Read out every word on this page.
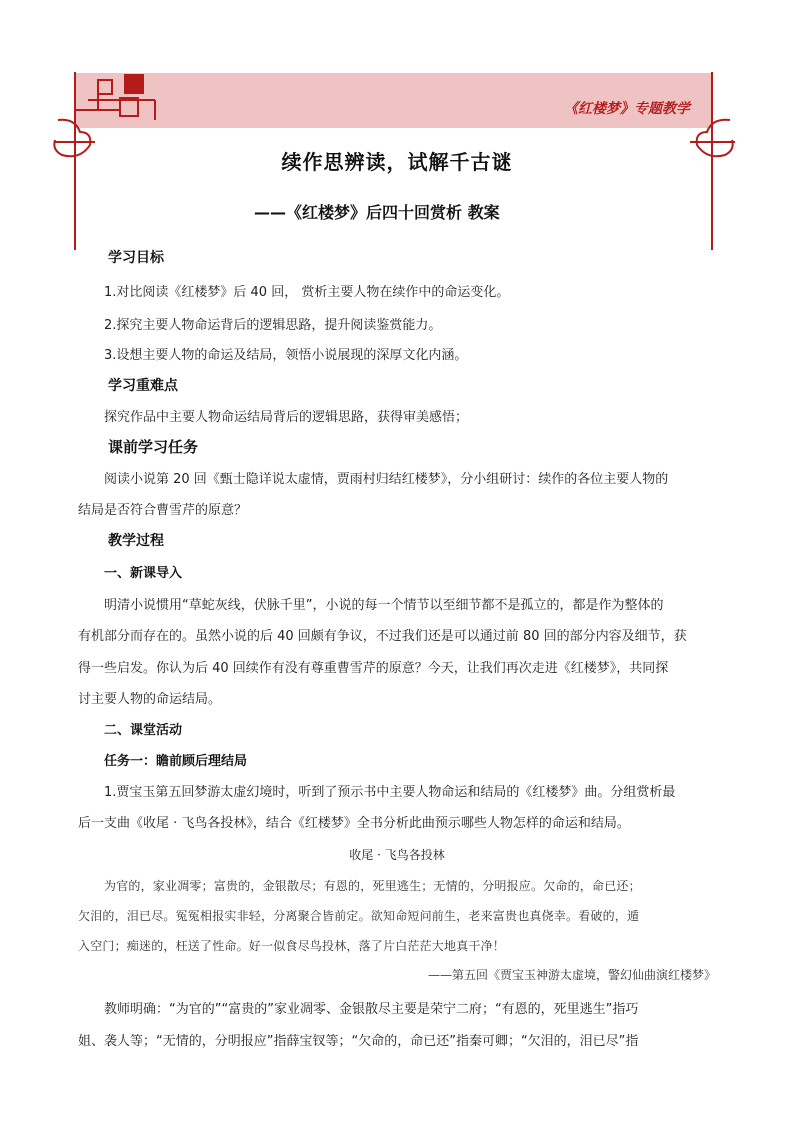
《红楼梦》专题教学
续作思辨读，试解千古谜
——《红楼梦》后四十回赏析 教案
学习目标
1.对比阅读《红楼梦》后 40 回， 赏析主要人物在续作中的命运变化。
2.探究主要人物命运背后的逻辑思路，提升阅读鉴赏能力。
3.设想主要人物的命运及结局，领悟小说展现的深厚文化内涵。
学习重难点
探究作品中主要人物命运结局背后的逻辑思路，获得审美感悟；
课前学习任务
阅读小说第 20 回《甄士隐详说太虚情，贾雨村归结红楼梦》，分小组研讨：续作的各位主要人物的
结局是否符合曹雪芹的原意？
教学过程
一、新课导入
明清小说惯用“草蛇灰线，伏脉千里”，小说的每一个情节以至细节都不是孤立的，都是作为整体的
有机部分而存在的。虽然小说的后 40 回颇有争议，不过我们还是可以通过前 80 回的部分内容及细节，获
得一些启发。你认为后 40 回续作有没有尊重曹雪芹的原意？今天，让我们再次走进《红楼梦》，共同探
讨主要人物的命运结局。
二、课堂活动
任务一：瞻前顾后理结局
1.贾宝玉第五回梦游太虚幻境时，听到了预示书中主要人物命运和结局的《红楼梦》曲。分组赏析最
后一支曲《收尾 · 飞鸟各投林》，结合《红楼梦》全书分析此曲预示哪些人物怎样的命运和结局。
收尾 · 飞鸟各投林
为官的，家业凋零；富贵的，金银散尽；有恩的，死里逃生；无情的，分明报应。欠命的，命已还；
欠泪的，泪已尽。冤冤相报实非轻，分离聚合皆前定。欲知命短问前生，老来富贵也真侥幸。看破的，遁
入空门；痴迷的，枉送了性命。好一似食尽鸟投林，落了片白茫茫大地真干净！
——第五回《贾宝玉神游太虚境，警幻仙曲演红楼梦》
教师明确：“为官的”“富贵的”家业凋零、金银散尽主要是荣宁二府；“有恩的，死里逃生”指巧
姐、袭人等；“无情的，分明报应”指薛宝钗等；“欠命的，命已还”指秦可卿；“欠泪的，泪已尽”指
